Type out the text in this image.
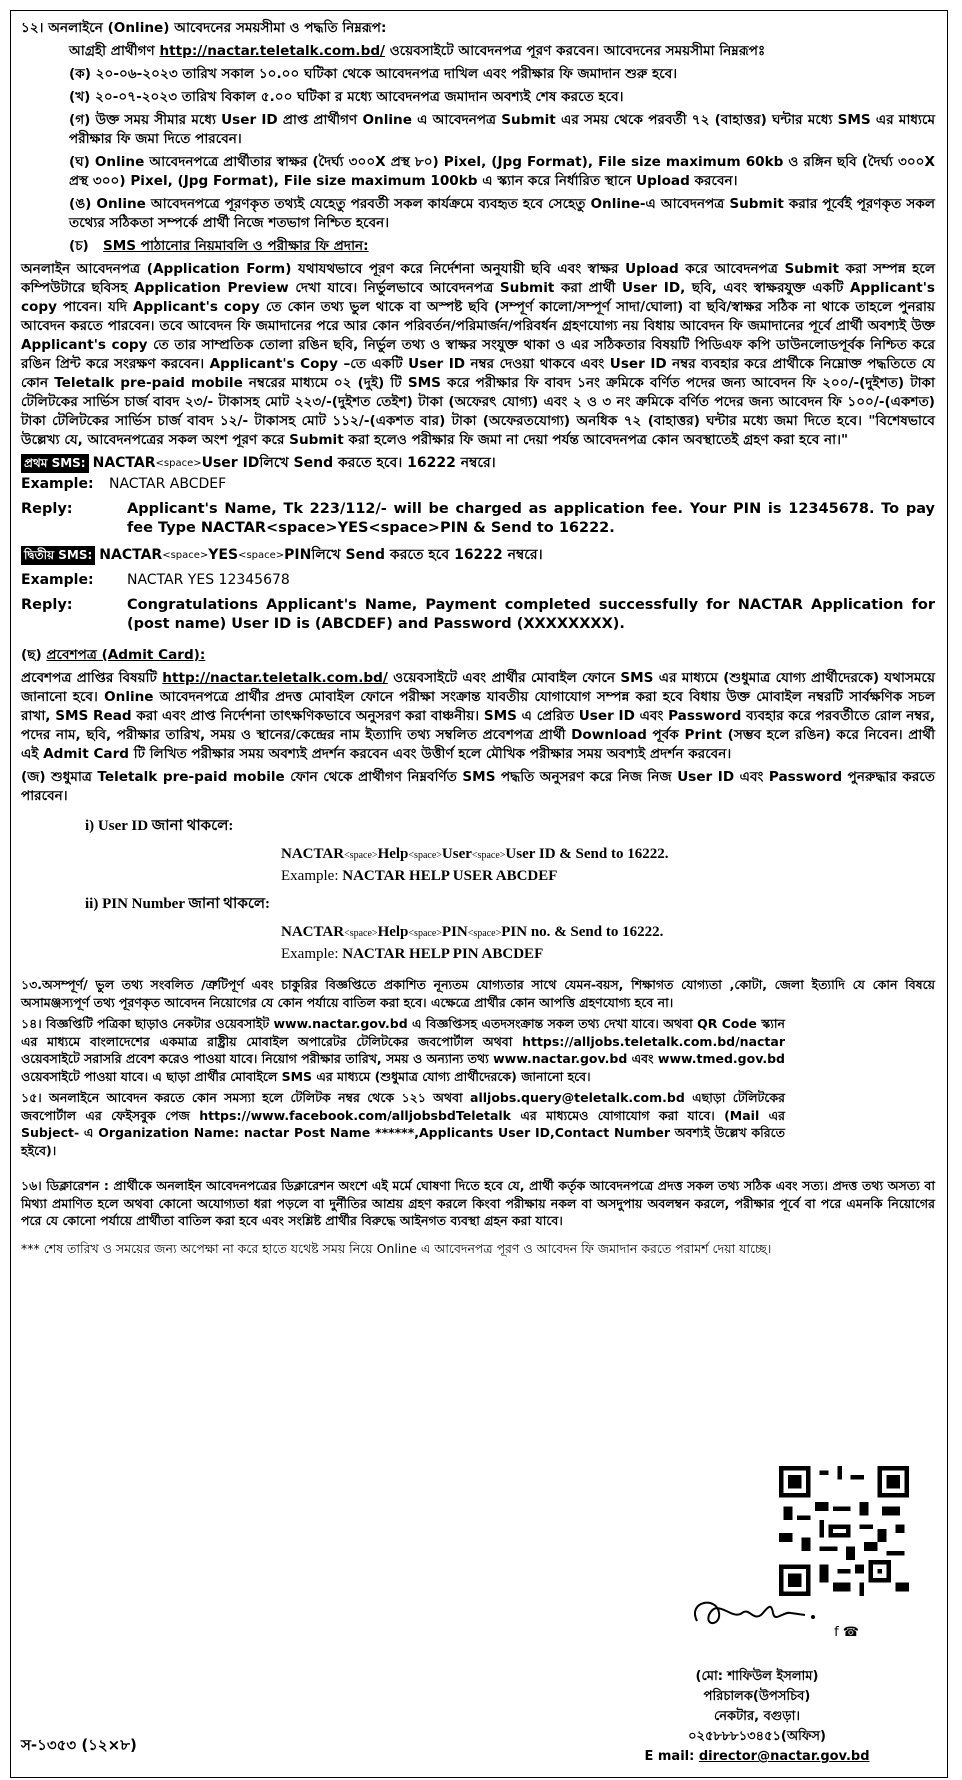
১২। অনলাইনে (Online) আবেদনের সময়সীমা ও পদ্ধতি নিম্নরূপ:

আগ্রহী প্রার্থীগণ http://nactar.teletalk.com.bd/ ওয়েবসাইটে আবেদনপত্র পূরণ করবেন। আবেদনের সময়সীমা নিম্নরূপঃ

(ক) ২০-০৬-২০২৩ তারিখ সকাল ১০.০০ ঘটিকা থেকে আবেদনপত্র দাখিল এবং পরীক্ষার ফি জমাদান শুরু হবে।

(খ) ২০-০৭-২০২৩ তারিখ বিকাল ৫.০০ ঘটিকা র মধ্যে আবেদনপত্র জমাদান অবশ্যই শেষ করতে হবে।

(গ) উক্ত সময় সীমার মধ্যে User ID প্রাপ্ত প্রার্থীগণ Online এ আবেদনপত্র Submit এর সময় থেকে পরবর্তী ৭২ (বাহাত্তর) ঘন্টার মধ্যে SMS এর মাধ্যমে পরীক্ষার ফি জমা দিতে পারবেন।

(ঘ) Online আবেদনপত্রে প্রার্থীতার স্বাক্ষর (দৈর্ঘ্য ৩০০X প্রস্থ ৮০) Pixel, (Jpg Format), File size maximum 60kb ও রঙ্গিন ছবি (দৈর্ঘ্য ৩০০X প্রস্থ ৩০০) Pixel, (Jpg Format), File size maximum 100kb এ স্ক্যান করে নির্ধারিত স্থানে Upload করবেন।

(ঙ) Online আবেদনপত্রে পূরণকৃত তথ্যই যেহেতু পরবর্তী সকল কার্যক্রমে ব্যবহৃত হবে সেহেতু Online-এ আবেদনপত্র Submit করার পূর্বেই পূরণকৃত সকল তথ্যের সঠিকতা সম্পর্কে প্রার্থী নিজে শতভাগ নিশ্চিত হবেন।

(চ) SMS পাঠানোর নিয়মাবলি ও পরীক্ষার ফি প্রদান:

অনলাইন আবেদনপত্র (Application Form) যথাযথভাবে পূরণ করে নির্দেশনা অনুযায়ী ছবি এবং স্বাক্ষর Upload করে আবেদনপত্র Submit করা সম্পন্ন হলে কম্পিউটারে ছবিসহ Application Preview দেখা যাবে। নির্ভুলভাবে আবেদনপত্র Submit করা প্রার্থী User ID, ছবি, এবং স্বাক্ষরযুক্ত একটি Applicant's copy পাবেন। যদি Applicant's copy তে কোন তথ্য ভুল থাকে বা অস্পষ্ট ছবি (সম্পূর্ণ কালো/সম্পূর্ণ সাদা/ঘোলা) বা ছবি/স্বাক্ষর সঠিক না থাকে তাহলে পুনরায় আবেদন করতে পারবেন। তবে আবেদন ফি জমাদানের পরে আর কোন পরিবর্তন/পরিমার্জন/পরিবর্ধন গ্রহণযোগ্য নয় বিধায় আবেদন ফি জমাদানের পূর্বে প্রার্থী অবশ্যই উক্ত Applicant's copy তে তার সাম্প্রতিক তোলা রঙিন ছবি, নির্ভুল তথ্য ও স্বাক্ষর সংযুক্ত থাকা ও এর সঠিকতার বিষয়টি পিডিএফ কপি ডাউনলোডপূর্বক নিশ্চিত করে রঙিন প্রিন্ট করে সংরক্ষণ করবেন। Applicant's Copy –তে একটি User ID নম্বর দেওয়া থাকবে এবং User ID নম্বর ব্যবহার করে প্রার্থীকে নিম্নোক্ত পদ্ধতিতে যে কোন Teletalk pre-paid mobile নম্বরের মাধ্যমে ০২ (দুই) টি SMS করে পরীক্ষার ফি বাবদ ১নং ক্রমিকে বর্ণিত পদের জন্য আবেদন ফি ২০০/-(দুইশত) টাকা টেলিটকের সার্ভিস চার্জ বাবদ ২৩/- টাকাসহ মোট ২২৩/-(দুইশত তেইশ) টাকা (অফেরৎ যোগ্য) এবং ২ ও ৩ নং ক্রমিকে বর্ণিত পদের জন্য আবেদন ফি ১০০/-(একশত) টাকা টেলিটকের সার্ভিস চার্জ বাবদ ১২/- টাকাসহ মোট ১১২/-(একশত বার) টাকা (অফেরতযোগ্য) অনধিক ৭২ (বাহাত্তর) ঘন্টার মধ্যে জমা দিতে হবে। "বিশেষভাবে উল্লেখ্য যে, আবেদনপত্রের সকল অংশ পূরণ করে Submit করা হলেও পরীক্ষার ফি জমা না দেয়া পর্যন্ত আবেদনপত্র কোন অবস্থাতেই গ্রহণ করা হবে না।"

প্রথম SMS: NACTAR <space> User ID লিখে Send করতে হবে। 16222 নম্বরে।
Example:	NACTAR ABCDEF
Reply:	Applicant's Name, Tk 223/112/- will be charged as application fee. Your PIN is 12345678. To pay fee Type NACTAR<space>YES<space>PIN & Send to 16222.
দ্বিতীয় SMS: NACTAR <space> YES <space> PIN লিখে Send করতে হবে 16222 নম্বরে।
Example:	NACTAR YES 12345678
Reply:	Congratulations Applicant's Name, Payment completed successfully for NACTAR Application for (post name) User ID is (ABCDEF) and Password (XXXXXXXX).

(ছ) প্রবেশপত্র (Admit Card):

প্রবেশপত্র প্রাপ্তির বিষয়টি http://nactar.teletalk.com.bd/ ওয়েবসাইটে এবং প্রার্থীর মোবাইল ফোনে SMS এর মাধ্যমে (শুধুমাত্র যোগ্য প্রার্থীদেরকে) যথাসময়ে জানানো হবে। Online আবেদনপত্রে প্রার্থীর প্রদত্ত মোবাইল ফোনে পরীক্ষা সংক্রান্ত যাবতীয় যোগাযোগ সম্পন্ন করা হবে বিধায় উক্ত মোবাইল নম্বরটি সার্বক্ষণিক সচল রাখা, SMS Read করা এবং প্রাপ্ত নির্দেশনা তাৎক্ষণিকভাবে অনুসরণ করা বাঞ্চনীয়। SMS এ প্রেরিত User ID এবং Password ব্যবহার করে পরবর্তীতে রোল নম্বর, পদের নাম, ছবি, পরীক্ষার তারিখ, সময় ও স্থানের/কেন্দ্রের নাম ইত্যাদি তথ্য সম্বলিত প্রবেশপত্র প্রার্থী Download পূর্বক Print (সম্ভব হলে রঙিন) করে নিবেন। প্রার্থী এই Admit Card টি লিখিত পরীক্ষার সময় অবশ্যই প্রদর্শন করবেন এবং উত্তীর্ণ হলে মৌখিক পরীক্ষার সময় অবশ্যই প্রদর্শন করবেন।

(জ) শুধুমাত্র Teletalk pre-paid mobile ফোন থেকে প্রার্থীগণ নিম্নবর্ণিত SMS পদ্ধতি অনুসরণ করে নিজ নিজ User ID এবং Password পুনরুদ্ধার করতে পারবেন।

i) User ID জানা থাকলে:
NACTAR<space>Help<space>User<space>User ID & Send to 16222.
Example: NACTAR HELP USER ABCDEF
ii) PIN Number জানা থাকলে:
NACTAR<space>Help<space>PIN<space>PIN no. & Send to 16222.
Example: NACTAR HELP PIN ABCDEF

১৩.অসম্পূর্ণ/ ভুল তথ্য সংবলিত /ত্রুটিপূর্ণ এবং চাকুরির বিজ্ঞপ্তিতে প্রকাশিত নূন্যতম যোগ্যতার সাথে যেমন-বয়স, শিক্ষাগত যোগ্যতা ,কোটা, জেলা ইত্যাদি যে কোন বিষয়ে অসামঞ্জস্যপূর্ণ তথ্য পূরণকৃত আবেদন নিয়োগের যে কোন পর্যায়ে বাতিল করা হবে। এক্ষেত্রে প্রার্থীর কোন আপত্তি গ্রহণযোগ্য হবে না।

১৪। বিজ্ঞপ্তিটি পত্রিকা ছাড়াও নেকটার ওয়েবসাইট www.nactar.gov.bd এ বিজ্ঞপ্তিসহ এতদসংক্রান্ত সকল তথ্য দেখা যাবে। অথবা QR Code স্ক্যান এর মাধ্যমে বাংলাদেশের একমাত্র রাষ্ট্রীয় মোবাইল অপারেটর টেলিটকের জবপোর্টাল অথবা https://alljobs.teletalk.com.bd/nactar ওয়েবসাইটে সরাসরি প্রবেশ করেও পাওয়া যাবে। নিয়োগ পরীক্ষার তারিখ, সময় ও অন্যান্য তথ্য www.nactar.gov.bd এবং www.tmed.gov.bd ওয়েবসাইটে পাওয়া যাবে। এ ছাড়া প্রার্থীর মোবাইলে SMS এর মাধ্যমে (শুধুমাত্র যোগ্য প্রার্থীদেরকে) জানানো হবে।

১৫। অনলাইনে আবেদন করতে কোন সমস্যা হলে টেলিটক নম্বর থেকে ১২১ অথবা alljobs.query@teletalk.com.bd এছাড়া টেলিটকের জবপোর্টাল এর ফেইসবুক পেজ https://www.facebook.com/alljobsbdTeletalk এর মাধ্যমেও যোগাযোগ করা যাবে। (Mail এর Subject- এ Organization Name: nactar Post Name ******,Applicants User ID,Contact Number অবশ্যই উল্লেখ করিতে হইবে)।

f ☎

১৬। ডিক্লারেশন : প্রার্থীকে অনলাইন আবেদনপত্রের ডিক্লারেশন অংশে এই মর্মে ঘোষণা দিতে হবে যে, প্রার্থী কর্তৃক আবেদনপত্রে প্রদত্ত সকল তথ্য সঠিক এবং সত্য। প্রদত্ত তথ্য অসত্য বা মিথ্যা প্রমাণিত হলে অথবা কোনো অযোগ্যতা ধরা পড়লে বা দুর্নীতির আশ্রয় গ্রহণ করলে কিংবা পরীক্ষায় নকল বা অসদুপায় অবলম্বন করলে, পরীক্ষার পূর্বে বা পরে এমনকি নিয়োগের পরে যে কোনো পর্যায়ে প্রার্থীতা বাতিল করা হবে এবং সংশ্লিষ্ট প্রার্থীর বিরুদ্ধে আইনগত ব্যবস্থা গ্রহন করা যাবে।

*** শেষ তারিখ ও সময়ের জন্য অপেক্ষা না করে হাতে যথেষ্ট সময় নিয়ে Online এ আবেদনপত্র পূরণ ও আবেদন ফি জমাদান করতে পরামর্শ দেয়া যাচ্ছে।

(মো: শাফিউল ইসলাম)
পরিচালক(উপসচিব)
নেকটার, বগুড়া।
০২৫৮৮৮১৩৪৫১(অফিস)
E mail: director@nactar.gov.bd
স-১৩৫৩ (১২×৮)
